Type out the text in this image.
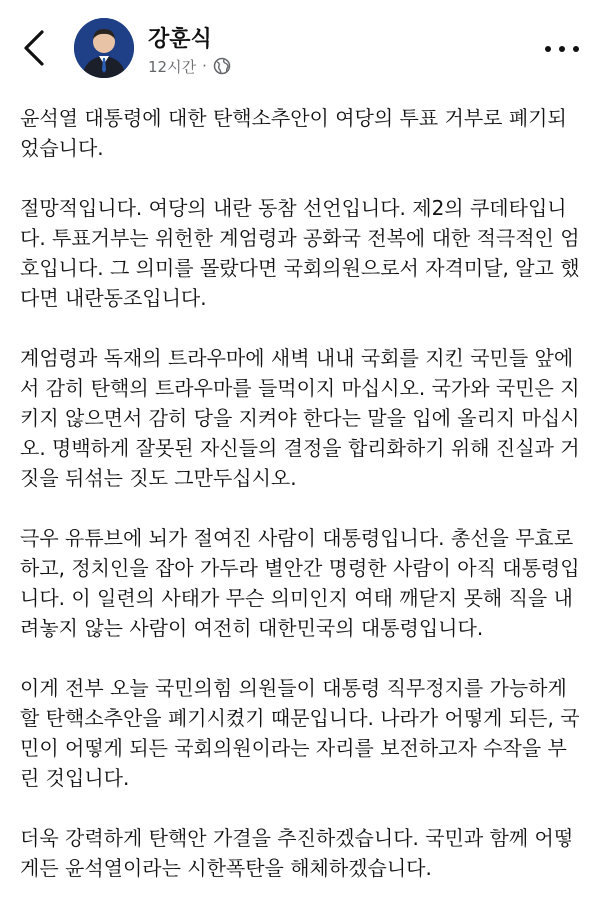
강훈식
12시간 ·

윤석열 대통령에 대한 탄핵소추안이 여당의 투표 거부로 폐기되었습니다.

절망적입니다. 여당의 내란 동참 선언입니다. 제2의 쿠데타입니다. 투표거부는 위헌한 계엄령과 공화국 전복에 대한 적극적인 엄호입니다. 그 의미를 몰랐다면 국회의원으로서 자격미달, 알고 했다면 내란동조입니다.

계엄령과 독재의 트라우마에 새벽 내내 국회를 지킨 국민들 앞에서 감히 탄핵의 트라우마를 들먹이지 마십시오. 국가와 국민은 지키지 않으면서 감히 당을 지켜야 한다는 말을 입에 올리지 마십시오. 명백하게 잘못된 자신들의 결정을 합리화하기 위해 진실과 거짓을 뒤섞는 짓도 그만두십시오.

극우 유튜브에 뇌가 절여진 사람이 대통령입니다. 총선을 무효로 하고, 정치인을 잡아 가두라 별안간 명령한 사람이 아직 대통령입니다. 이 일련의 사태가 무슨 의미인지 여태 깨닫지 못해 직을 내려놓지 않는 사람이 여전히 대한민국의 대통령입니다.

이게 전부 오늘 국민의힘 의원들이 대통령 직무정지를 가능하게 할 탄핵소추안을 폐기시켰기 때문입니다. 나라가 어떻게 되든, 국민이 어떻게 되든 국회의원이라는 자리를 보전하고자 수작을 부린 것입니다.

더욱 강력하게 탄핵안 가결을 추진하겠습니다. 국민과 함께 어떻게든 윤석열이라는 시한폭탄을 해체하겠습니다.
